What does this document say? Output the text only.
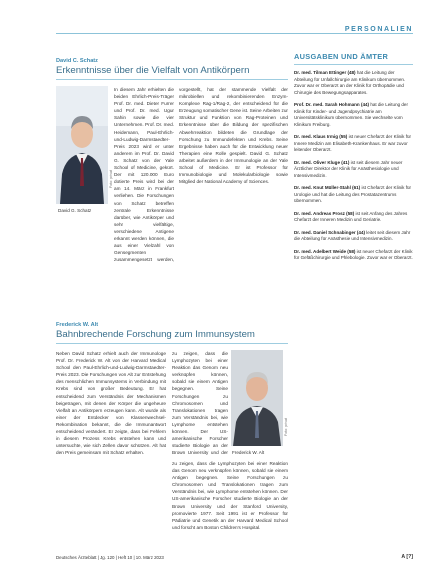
PERSONALIEN
David C. Schatz
Erkenntnisse über die Vielfalt von Antikörpern
Foto: privat
David G. Schatz

In diesem Jahr erhielten die beiden Ehrlich-Preis-Träger Prof. Dr. med. Dieter Furrer und Prof. Dr. med. Ugur Sahin sowie die vier Unternehmen. Prof. Dr. med. Heidemann, Paul-Ehrlich-und-Ludwig-Darmstaedter-Preis 2023 wird er unter anderem im Prof. Dr. David G. Schatz von der Yale School of Medicine, gekürt. Der mit 120.000 Euro dotierte Preis wird bei der am 14. März in Frankfurt verliehen. Die Forschungen von Schatz betreffen zentrale Erkenntnisse darüber, wie Antikörper und sehr vielfältige, verschiedene Antigene erkannt werden können, die aus einer Vielzahl von Gensegmenten zusammengesetzt werden,

vorgestellt, hat der stammende Vielfalt der mikrobiellen und rekombinierenden Enzym-Komplexe Rag-1/Rag-2, der entscheidend für die Erzeugung somatischer Gene ist. Seine Arbeiten zur Struktur und Funktion von Rag-Proteinen und Erkenntnisse über die Bildung der spezifischen Abwehrreaktion bildeten die Grundlage der Forschung zu Immundefekten und Krebs. Seine Ergebnisse haben auch für die Entwicklung neuer Therapien eine Rolle gespielt. David G. Schatz arbeitet außerdem in der Immunologie an der Yale School of Medicine. Er ist Professor für Immunobiologie und Molekularbiologie sowie Mitglied der National Academy of Sciences.

Frederick W. Alt
Bahnbrechende Forschung zum Immunsystem

Neben David Schatz erhielt auch der Immunologe Prof. Dr. Frederick W. Alt von der Harvard Medical School den Paul-Ehrlich-und-Ludwig-Darmstaedter-Preis 2023. Die Forschungen von Alt zur Entstehung des menschlichen Immunsystems in Verbindung mit Krebs sind von großer Bedeutung. Er hat entscheidend zum Verständnis der Mechanismen beigetragen, mit denen der Körper die ungeheure Vielfalt an Antikörpern erzeugen kann. Alt wurde als einer der Entdecker von Klassenwechsel-Rekombination bekannt, die die Immunantwort entscheidend verändert. Er zeigte, dass bei Fehlern in diesem Prozess Krebs entstehen kann und untersuchte, wie sich Zellen davor schützen. Alt hat den Preis gemeinsam mit Schatz erhalten.

zu zeigen, dass die Lymphozyten bei einer Reaktion das Genom neu verknüpfen können, sobald sie einem Antigen begegnen. Seine Forschungen zu Chromosomen und Translokationen tragen zum Verständnis bei, wie Lymphome entstehen können. Der US-amerikanische Forscher studierte Biologie an der Brown University und der

Foto: privat
Frederick W. Alt

zu zeigen, dass die Lymphozyten bei einer Reaktion das Genom neu verknüpfen können, sobald sie einem Antigen begegnen. Seine Forschungen zu Chromosomen und Translokationen tragen zum Verständnis bei, wie Lymphome entstehen können. Der US-amerikanische Forscher studierte Biologie an der Brown University und der Stanford University, promovierte 1977. Seit 1991 ist er Professor für Pädiatrie und Genetik an der Harvard Medical School und forscht am Boston Children's Hospital.

AUSGABEN UND ÄMTER
Dr. med. Tilman Ettinger (48) hat die Leitung der Abteilung für Unfallchirurgie am Klinikum übernommen. Zuvor war er Oberarzt an der Klinik für Orthopädie und Chirurgie des Bewegungsapparates.
Prof. Dr. med. Sarah Hohmann (44) hat die Leitung der Klinik für Kinder- und Jugendpsychiatrie am Universitätsklinikum übernommen. Sie wechselte vom Klinikum Freiburg.
Dr. med. Klaus Irmig (55) ist neuer Chefarzt der Klinik für Innere Medizin am Elisabeth-Krankenhaus. Er war zuvor leitender Oberarzt.
Dr. med. Oliver Kluge (41) ist seit diesem Jahr neuer Ärztlicher Direktor der Klinik für Anästhesiologie und Intensivmedizin.
Dr. med. Knut Müller-Stahl (61) ist Chefarzt der Klinik für Urologie und hat die Leitung des Prostatazentrums übernommen.
Dr. med. Andreas Prosz (58) ist seit Anfang des Jahres Chefarzt der Inneren Medizin und Geriatrie.
Dr. med. Daniel Schnabinger (44) leitet seit diesem Jahr die Abteilung für Anästhesie und Intensivmedizin.
Dr. med. Adelbert Weide (58) ist neuer Chefarzt der Klinik für Gefäßchirurgie und Phlebologie. Zuvor war er Oberarzt.
Deutsches Ärzteblatt | Jg. 120 | Heft 10 | 10. März 2023	A [?]
